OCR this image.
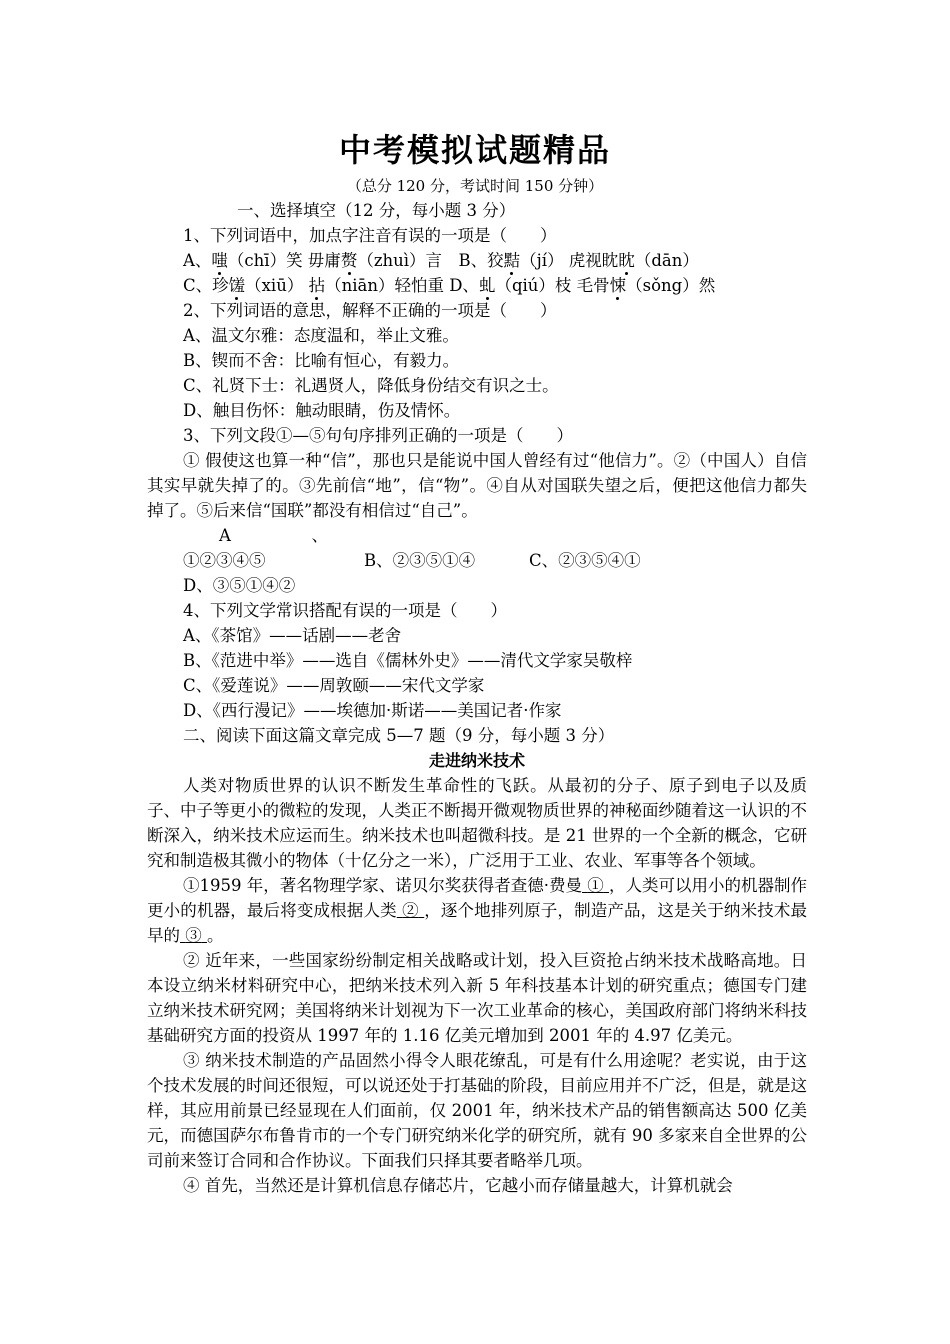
中考模拟试题精品
（总分 120 分，考试时间 150 分钟）

一、选择填空（12 分，每小题 3 分）

1、下列词语中，加点字注音有误的一项是（　　）

A、嗤（chī）笑 毋庸赘（zhuì）言　B、狡黠（jí） 虎视眈眈（dān）

C、珍馐（xiū） 拈（niān）轻怕重 D、虬（qiú）枝 毛骨悚（sǒng）然

2、下列词语的意思，解释不正确的一项是（　　）

A、温文尔雅：态度温和，举止文雅。

B、锲而不舍：比喻有恒心，有毅力。

C、礼贤下士：礼遇贤人，降低身份结交有识之士。

D、触目伤怀：触动眼睛，伤及情怀。

3、下列文段①—⑤句句序排列正确的一项是（　　）

① 假使这也算一种“信”，那也只是能说中国人曾经有过“他信力”。②（中国人）自信其实早就失掉了的。③先前信“地”，信“物”。④自从对国联失望之后，便把这他信力都失掉了。⑤后来信“国联”都没有相信过“自己”。

A、①②③④⑤	B、②③⑤①④	C、②③⑤④①D、③⑤①④②

4、下列文学常识搭配有误的一项是（　　）

A、《茶馆》——话剧——老舍

B、《范进中举》——选自《儒林外史》——清代文学家吴敬梓

C、《爱莲说》——周敦颐——宋代文学家

D、《西行漫记》——埃德加·斯诺——美国记者·作家

二、阅读下面这篇文章完成 5—7 题（9 分，每小题 3 分）

走进纳米技术

人类对物质世界的认识不断发生革命性的飞跃。从最初的分子、原子到电子以及质子、中子等更小的微粒的发现，人类正不断揭开微观物质世界的神秘面纱随着这一认识的不断深入，纳米技术应运而生。纳米技术也叫超微科技。是 21 世界的一个全新的概念，它研究和制造极其微小的物体（十亿分之一米），广泛用于工业、农业、军事等各个领域。

①1959 年，著名物理学家、诺贝尔奖获得者查德·费曼 ① ，人类可以用小的机器制作更小的机器，最后将变成根据人类 ② ，逐个地排列原子，制造产品，这是关于纳米技术最早的 ③ 。

② 近年来，一些国家纷纷制定相关战略或计划，投入巨资抢占纳米技术战略高地。日本设立纳米材料研究中心，把纳米技术列入新 5 年科技基本计划的研究重点；德国专门建立纳米技术研究网；美国将纳米计划视为下一次工业革命的核心，美国政府部门将纳米科技基础研究方面的投资从 1997 年的 1.16 亿美元增加到 2001 年的 4.97 亿美元。

③ 纳米技术制造的产品固然小得令人眼花缭乱，可是有什么用途呢？老实说，由于这个技术发展的时间还很短，可以说还处于打基础的阶段，目前应用并不广泛，但是，就是这样，其应用前景已经显现在人们面前，仅 2001 年，纳米技术产品的销售额高达 500 亿美元，而德国萨尔布鲁肯市的一个专门研究纳米化学的研究所，就有 90 多家来自全世界的公司前来签订合同和合作协议。下面我们只择其要者略举几项。

④ 首先，当然还是计算机信息存储芯片，它越小而存储量越大，计算机就会
